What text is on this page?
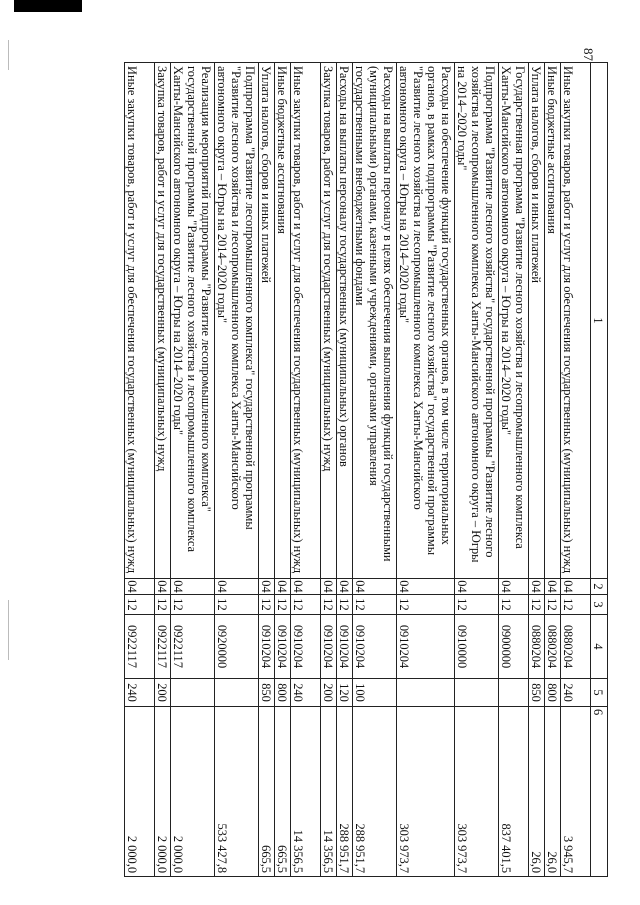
87
1	2	3	4	5	6	
Иные закупки товаров, работ и услуг для обеспечения государственных (муниципальных) нужд	04	12	0880204	240		3 945,7
Иные бюджетные ассигнования	04	12	0880204	800		26,0
Уплата налогов, сборов и иных платежей	04	12	0880204	850		26,0
Государственная программа "Развитие лесного хозяйства и лесопромышленного комплекса Ханты-Мансийского автономного округа – Югры на 2014–2020 годы"	04	12	0900000			837 401,5
Подпрограмма "Развитие лесного хозяйства" государственной программы "Развитие лесного хозяйства и лесопромышленного комплекса Ханты-Мансийского автономного округа – Югры на 2014–2020 годы"	04	12	0910000			303 973,7
Расходы на обеспечение функций государственных органов, в том числе территориальных органов, в рамках подпрограммы "Развитие лесного хозяйства" государственной программы "Развитие лесного хозяйства и лесопромышленного комплекса Ханты-Мансийского автономного округа – Югры на 2014–2020 годы"	04	12	0910204			303 973,7
Расходы на выплаты персоналу в целях обеспечения выполнения функций государственными (муниципальными) органами, казенными учреждениями, органами управления государственными внебюджетными фондами	04	12	0910204	100		288 951,7
Расходы на выплаты персоналу государственных (муниципальных) органов	04	12	0910204	120		288 951,7
Закупка товаров, работ и услуг для государственных (муниципальных) нужд	04	12	0910204	200		14 356,5
Иные закупки товаров, работ и услуг для обеспечения государственных (муниципальных) нужд	04	12	0910204	240		14 356,5
Иные бюджетные ассигнования	04	12	0910204	800		665,5
Уплата налогов, сборов и иных платежей	04	12	0910204	850		665,5
Подпрограмма "Развитие лесопромышленного комплекса" государственной программы "Развитие лесного хозяйства и лесопромышленного комплекса Ханты-Мансийского автономного округа – Югры на 2014–2020 годы"	04	12	0920000			533 427,8
Реализация мероприятий подпрограммы "Развитие лесопромышленного комплекса" государственной программы "Развитие лесного хозяйства и лесопромышленного комплекса Ханты-Мансийского автономного округа – Югры на 2014–2020 годы"	04	12	0922117			2 000,0
Закупка товаров, работ и услуг для государственных (муниципальных) нужд	04	12	0922117	200		2 000,0
Иные закупки товаров, работ и услуг для обеспечения государственных (муниципальных) нужд	04	12	0922117	240		2 000,0
